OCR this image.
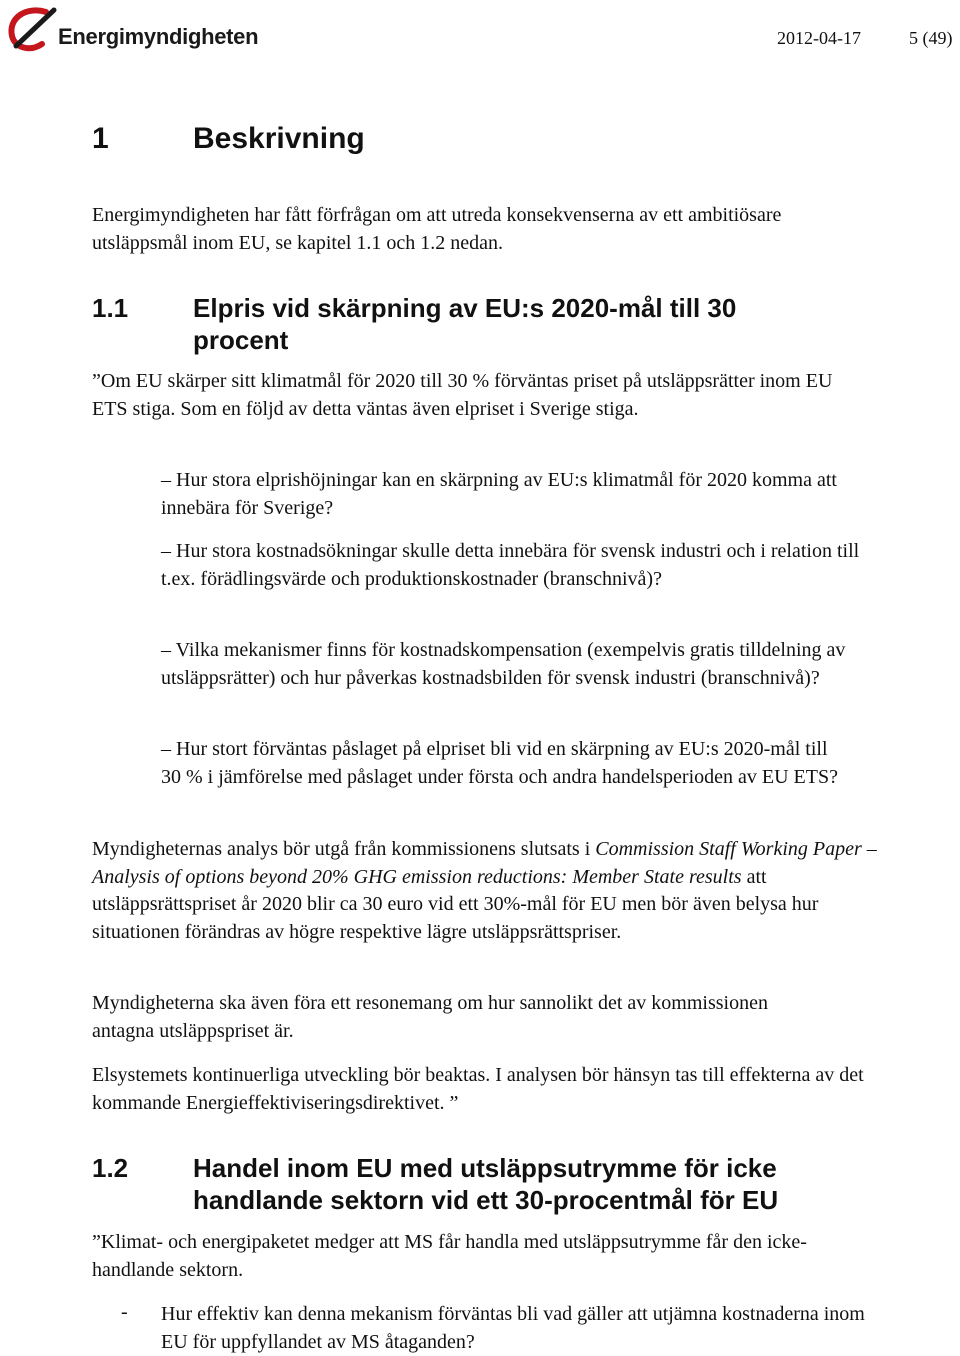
Energimyndigheten	2012-04-17	5 (49)
1	Beskrivning

Energimyndigheten har fått förfrågan om att utreda konsekvenserna av ett ambitiösare utsläppsmål inom EU, se kapitel 1.1 och 1.2 nedan.

1.1 Elpris vid skärpning av EU:s 2020-mål till 30 procent

”Om EU skärper sitt klimatmål för 2020 till 30 % förväntas priset på utsläppsrätter inom EU ETS stiga. Som en följd av detta väntas även elpriset i Sverige stiga.

– Hur stora elprishöjningar kan en skärpning av EU:s klimatmål för 2020 komma att innebära för Sverige?

– Hur stora kostnadsökningar skulle detta innebära för svensk industri och i relation till t.ex. förädlingsvärde och produktionskostnader (branschnivå)?

– Vilka mekanismer finns för kostnadskompensation (exempelvis gratis tilldelning av utsläppsrätter) och hur påverkas kostnadsbilden för svensk industri (branschnivå)?

– Hur stort förväntas påslaget på elpriset bli vid en skärpning av EU:s 2020-mål till 30 % i jämförelse med påslaget under första och andra handelsperioden av EU ETS?

Myndigheternas analys bör utgå från kommissionens slutsats i Commission Staff Working Paper – Analysis of options beyond 20% GHG emission reductions: Member State results att utsläppsrättspriset år 2020 blir ca 30 euro vid ett 30%-mål för EU men bör även belysa hur situationen förändras av högre respektive lägre utsläppsrättspriser.

Myndigheterna ska även föra ett resonemang om hur sannolikt det av kommissionen antagna utsläppspriset är.

Elsystemets kontinuerliga utveckling bör beaktas. I analysen bör hänsyn tas till effekterna av det kommande Energieffektiviseringsdirektivet. ”

1.2 Handel inom EU med utsläppsutrymme för icke handlande sektorn vid ett 30-procentmål för EU

”Klimat- och energipaketet medger att MS får handla med utsläppsutrymme får den icke-handlande sektorn.

- Hur effektiv kan denna mekanism förväntas bli vad gäller att utjämna kostnaderna inom EU för uppfyllandet av MS åtaganden?
